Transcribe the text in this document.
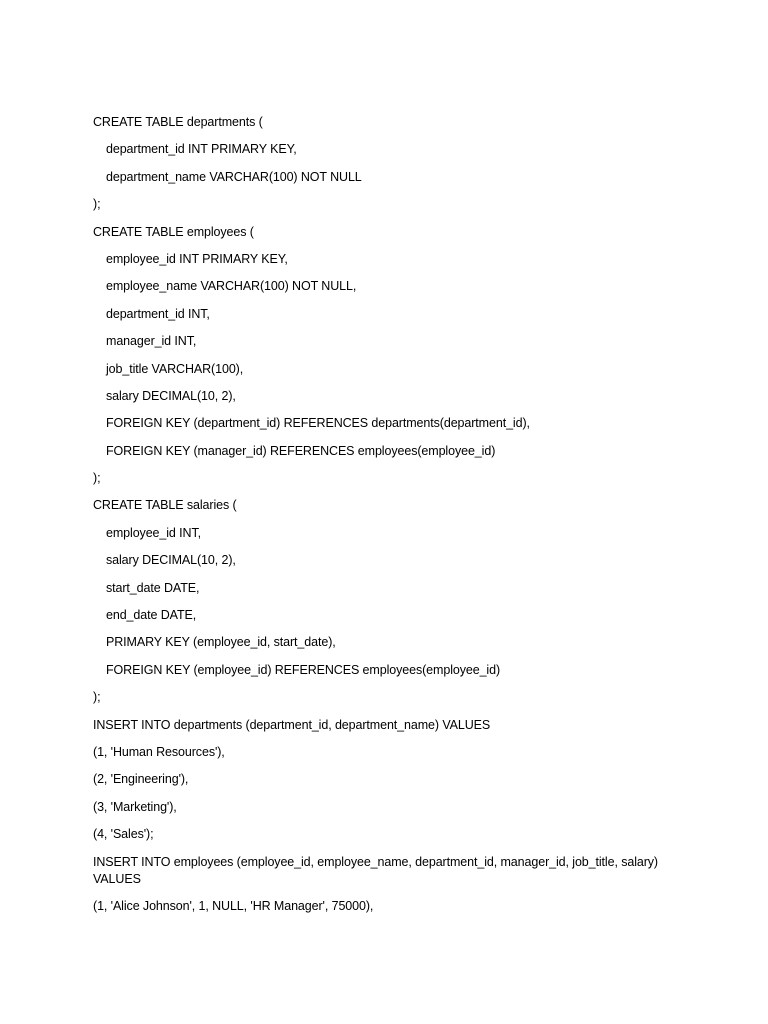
CREATE TABLE departments (
department_id INT PRIMARY KEY,
department_name VARCHAR(100) NOT NULL
);
CREATE TABLE employees (
employee_id INT PRIMARY KEY,
employee_name VARCHAR(100) NOT NULL,
department_id INT,
manager_id INT,
job_title VARCHAR(100),
salary DECIMAL(10, 2),
FOREIGN KEY (department_id) REFERENCES departments(department_id),
FOREIGN KEY (manager_id) REFERENCES employees(employee_id)
);
CREATE TABLE salaries (
employee_id INT,
salary DECIMAL(10, 2),
start_date DATE,
end_date DATE,
PRIMARY KEY (employee_id, start_date),
FOREIGN KEY (employee_id) REFERENCES employees(employee_id)
);
INSERT INTO departments (department_id, department_name) VALUES
(1, 'Human Resources'),
(2, 'Engineering'),
(3, 'Marketing'),
(4, 'Sales');
INSERT INTO employees (employee_id, employee_name, department_id, manager_id, job_title, salary) VALUES
(1, 'Alice Johnson', 1, NULL, 'HR Manager', 75000),
